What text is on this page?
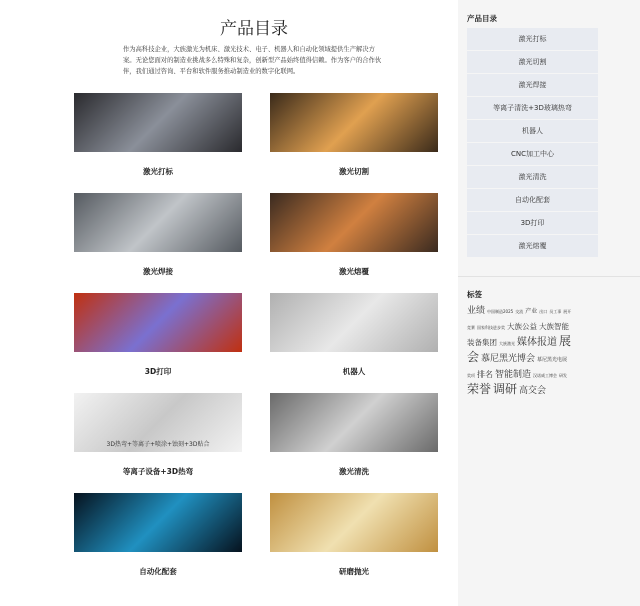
产品目录

作为高科技企业，大族激光为机床、激光技术、电子、机器人和自动化领域提供生产解决方案。无论您面对的制造业挑战多么特殊和复杂，创新型产品始终值得信赖。作为客户的合作伙伴，我们通过咨询、平台和软件服务推动制造业的数字化联网。

激光打标	激光切割
激光焊接	激光熔覆
3D打印	机器人
3D热弯+等离子+喷涂+蚀刻+3D贴合
等离子设备+3D热弯	激光清洗
自动化配套	研磨抛光
产品目录
激光打标
激光切割
激光焊接
等离子清洗+3D玻璃热弯
机器人
CNC加工中心
激光清洗
自动化配套
3D打印
激光熔覆
标签
业绩 中国制造2025 交流 产业 出口 员工事 展开竞赛 国家科技进步奖 大族公益 大族智能装备集团 大族激光 媒体报道 展会 慕尼黑光博会 慕尼黑光电展奖项 排名 智能制造 汉诺威工博会 研发荣誉 调研 高交会
